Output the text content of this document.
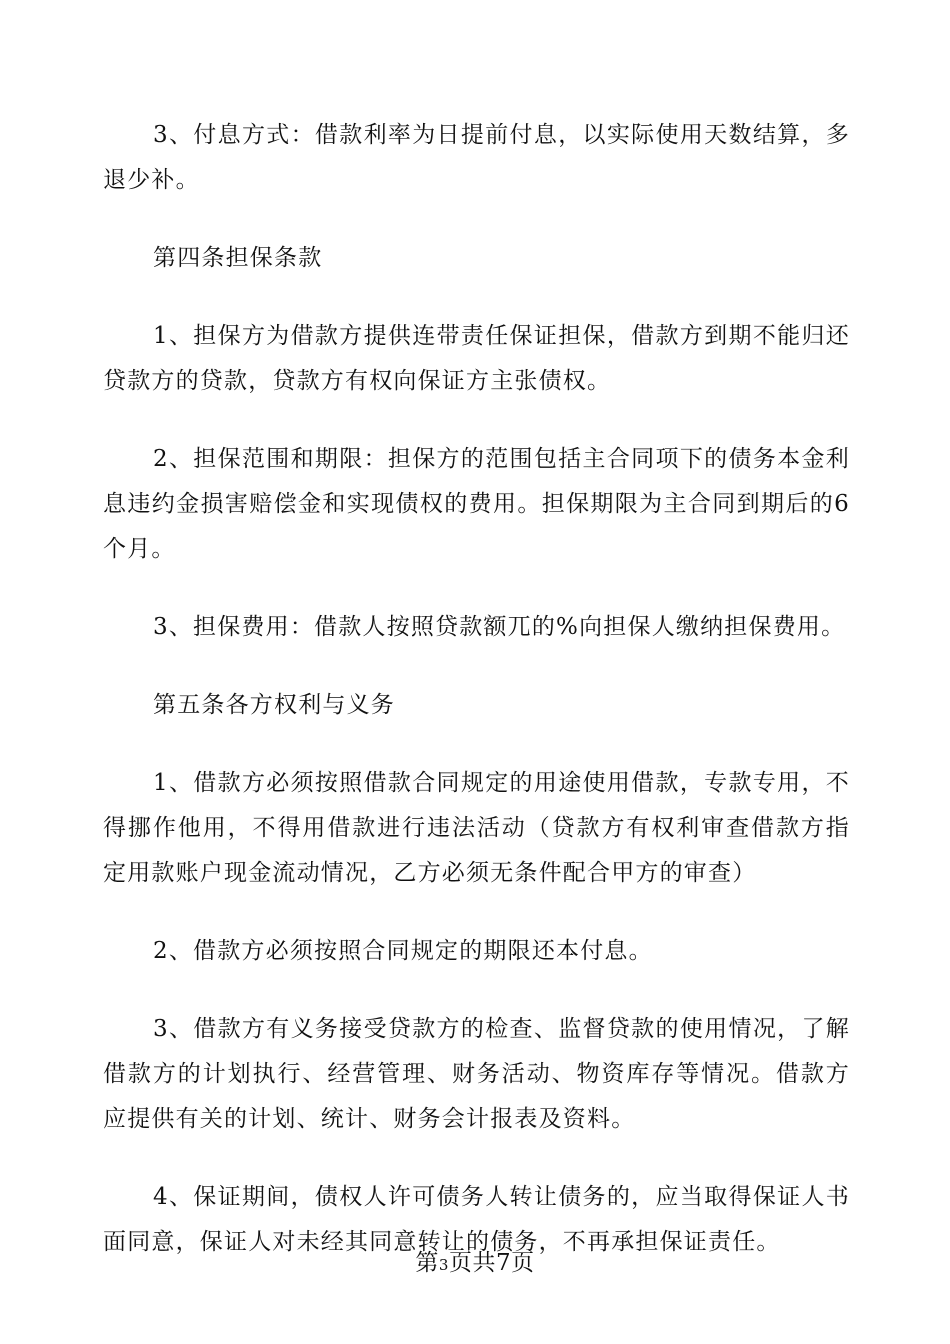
3、付息方式：借款利率为日提前付息，以实际使用天数结算，多退少补。

第四条担保条款

1、担保方为借款方提供连带责任保证担保，借款方到期不能归还贷款方的贷款，贷款方有权向保证方主张债权。

2、担保范围和期限：担保方的范围包括主合同项下的债务本金利息违约金损害赔偿金和实现债权的费用。担保期限为主合同到期后的6个月。

3、担保费用：借款人按照贷款额兀的%向担保人缴纳担保费用。

第五条各方权利与义务

1、借款方必须按照借款合同规定的用途使用借款，专款专用，不得挪作他用，不得用借款进行违法活动（贷款方有权利审查借款方指定用款账户现金流动情况，乙方必须无条件配合甲方的审查）

2、借款方必须按照合同规定的期限还本付息。

3、借款方有义务接受贷款方的检查、监督贷款的使用情况，了解借款方的计划执行、经营管理、财务活动、物资库存等情况。借款方应提供有关的计划、统计、财务会计报表及资料。

4、保证期间，债权人许可债务人转让债务的，应当取得保证人书面同意，保证人对未经其同意转让的债务，不再承担保证责任。

第3页共7页
